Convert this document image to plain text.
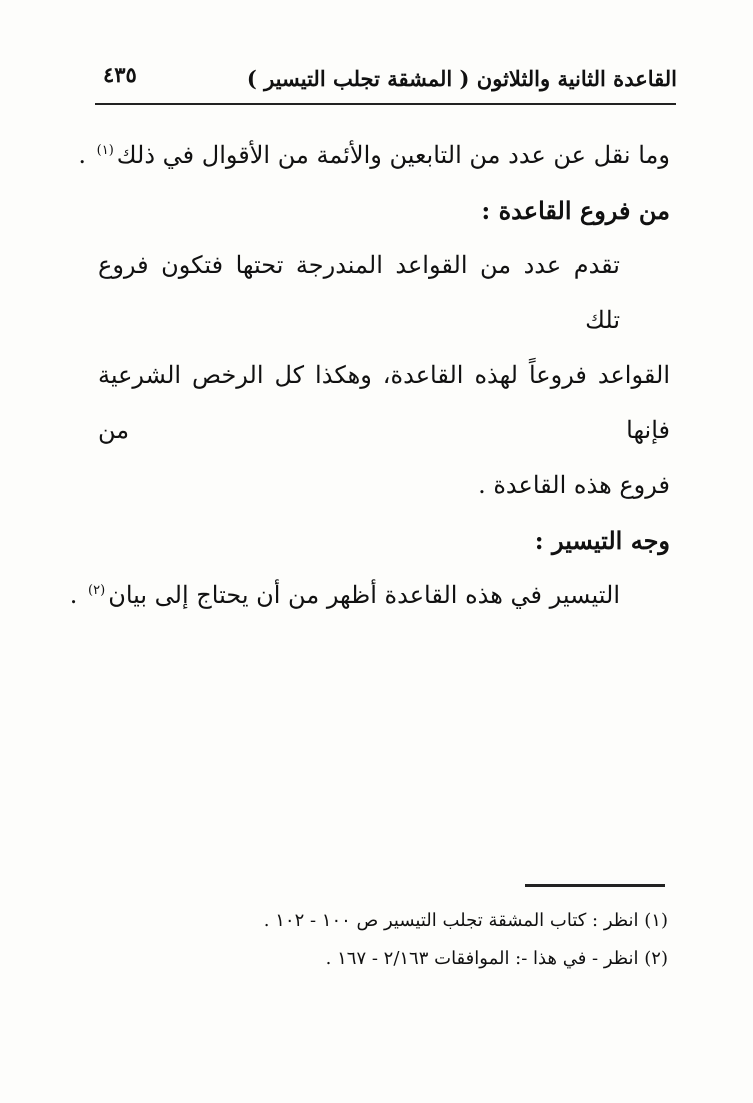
القاعدة الثانية والثلاثون ( المشقة تجلب التيسير )
٤٣٥
وما نقل عن عدد من التابعين والأئمة من الأقوال في ذلك$^{(١)}$ .
من فروع القاعدة :
تقدم عدد من القواعد المندرجة تحتها فتكون فروع تلك
القواعد فروعاً لهذه القاعدة، وهكذا كل الرخص الشرعية فإنها من
فروع هذه القاعدة .
وجه التيسير :
التيسير في هذه القاعدة أظهر من أن يحتاج إلى بيان$^{(٢)}$ .
(١) انظر : كتاب المشقة تجلب التيسير ص ١٠٠ - ١٠٢ .
(٢) انظر - في هذا -: الموافقات ٢/١٦٣ - ١٦٧ .
